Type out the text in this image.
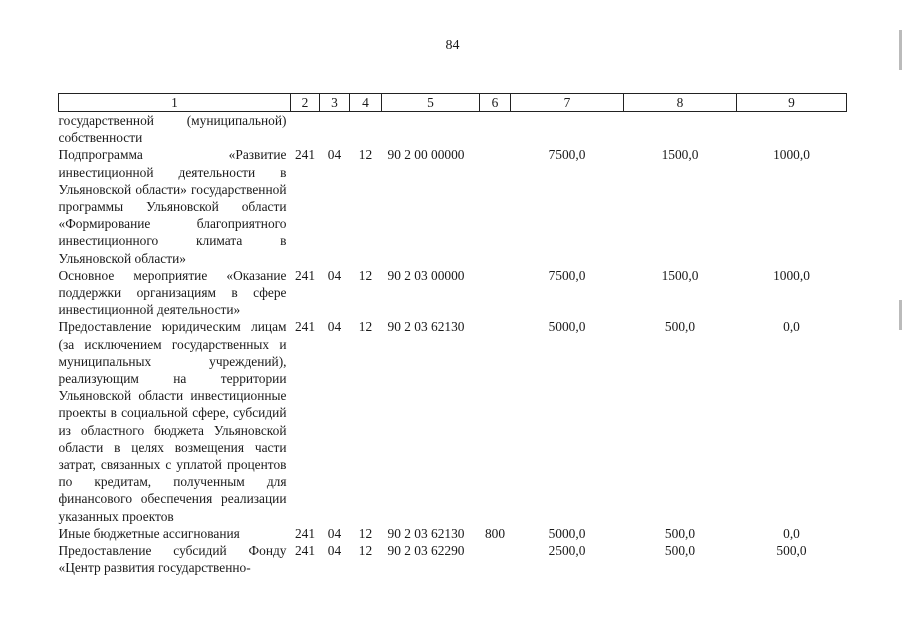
84
1	2	3	4	5	6	7	8	9
государственной (муниципальной) собственности								
Подпрограмма «Развитие инвестиционной деятельности в Ульяновской области» государственной программы Ульяновской области «Формирование благоприятного инвестиционного климата в Ульяновской области»	241	04	12	90 2 00 00000		7500,0	1500,0	1000,0
Основное мероприятие «Оказание поддержки организациям в сфере инвестиционной деятельности»	241	04	12	90 2 03 00000		7500,0	1500,0	1000,0
Предоставление юридическим лицам (за исключением государственных и муниципальных учреждений), реализующим на территории Ульяновской области инвестиционные проекты в социальной сфере, субсидий из областного бюджета Ульяновской области в целях возмещения части затрат, связанных с уплатой процентов по кредитам, полученным для финансового обеспечения реализации указанных проектов	241	04	12	90 2 03 62130		5000,0	500,0	0,0
Иные бюджетные ассигнования	241	04	12	90 2 03 62130	800	5000,0	500,0	0,0
Предоставление субсидий Фонду «Центр развития государственно-	241	04	12	90 2 03 62290		2500,0	500,0	500,0
